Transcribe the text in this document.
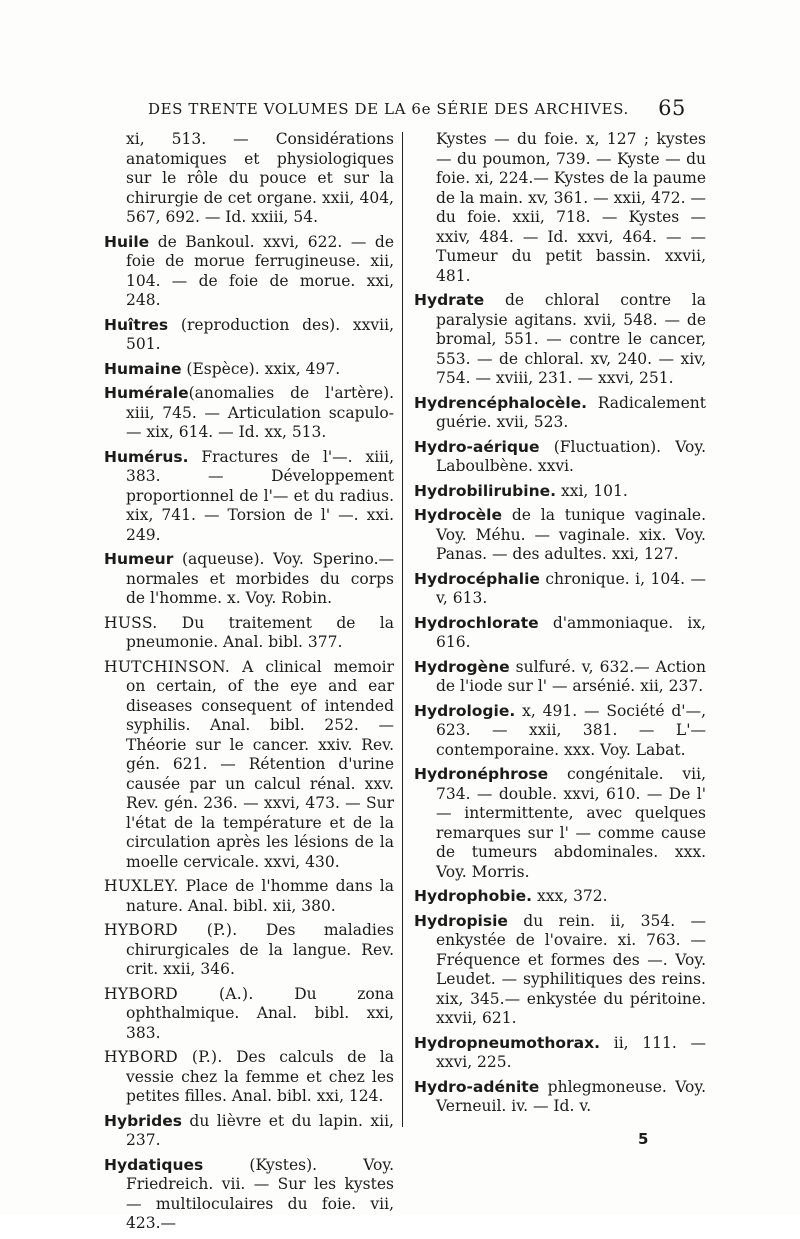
DES TRENTE VOLUMES DE LA 6e SÉRIE DES ARCHIVES. 65
xi, 513. — Considérations anatomiques et physiologiques sur le rôle du pouce et sur la chirurgie de cet organe. xxii, 404, 567, 692. — Id. xxiii, 54.
Huile de Bankoul. xxvi, 622. — de foie de morue ferrugineuse. xii, 104. — de foie de morue. xxi, 248.
Huîtres (reproduction des). xxvii, 501.
Humaine (Espèce). xxix, 497.
Humérale(anomalies de l'artère). xiii, 745. — Articulation scapulo- — xix, 614. — Id. xx, 513.
Humérus. Fractures de l'—. xiii, 383. — Développement proportionnel de l'— et du radius. xix, 741. — Torsion de l' —. xxi. 249.
Humeur (aqueuse). Voy. Sperino.— normales et morbides du corps de l'homme. x. Voy. Robin.
HUSS. Du traitement de la pneumonie. Anal. bibl. 377.
HUTCHINSON. A clinical memoir on certain, of the eye and ear diseases consequent of intended syphilis. Anal. bibl. 252. — Théorie sur le cancer. xxiv. Rev. gén. 621. — Rétention d'urine causée par un calcul rénal. xxv. Rev. gén. 236. — xxvi, 473. — Sur l'état de la température et de la circulation après les lésions de la moelle cervicale. xxvi, 430.
HUXLEY. Place de l'homme dans la nature. Anal. bibl. xii, 380.
HYBORD (P.). Des maladies chirurgicales de la langue. Rev. crit. xxii, 346.
HYBORD (A.). Du zona ophthalmique. Anal. bibl. xxi, 383.
HYBORD (P.). Des calculs de la vessie chez la femme et chez les petites filles. Anal. bibl. xxi, 124.
Hybrides du lièvre et du lapin. xii, 237.
Hydatiques (Kystes). Voy. Friedreich. vii. — Sur les kystes — multiloculaires du foie. vii, 423.—
Kystes — du foie. x, 127 ; kystes — du poumon, 739. — Kyste — du foie. xi, 224.— Kystes de la paume de la main. xv, 361. — xxii, 472. — du foie. xxii, 718. — Kystes — xxiv, 484. — Id. xxvi, 464. — — Tumeur du petit bassin. xxvii, 481.
Hydrate de chloral contre la paralysie agitans. xvii, 548. — de bromal, 551. — contre le cancer, 553. — de chloral. xv, 240. — xiv, 754. — xviii, 231. — xxvi, 251.
Hydrencéphalocèle. Radicalement guérie. xvii, 523.
Hydro-aérique (Fluctuation). Voy. Laboulbène. xxvi.
Hydrobilirubine. xxi, 101.
Hydrocèle de la tunique vaginale. Voy. Méhu. — vaginale. xix. Voy. Panas. — des adultes. xxi, 127.
Hydrocéphalie chronique. i, 104. — v, 613.
Hydrochlorate d'ammoniaque. ix, 616.
Hydrogène sulfuré. v, 632.— Action de l'iode sur l' — arsénié. xii, 237.
Hydrologie. x, 491. — Société d'—, 623. — xxii, 381. — L'— contemporaine. xxx. Voy. Labat.
Hydronéphrose congénitale. vii, 734. — double. xxvi, 610. — De l' — intermittente, avec quelques remarques sur l' — comme cause de tumeurs abdominales. xxx. Voy. Morris.
Hydrophobie. xxx, 372.
Hydropisie du rein. ii, 354. — enkystée de l'ovaire. xi. 763. — Fréquence et formes des —. Voy. Leudet. — syphilitiques des reins. xix, 345.— enkystée du péritoine. xxvii, 621.
Hydropneumothorax. ii, 111. — xxvi, 225.
Hydro-adénite phlegmoneuse. Voy. Verneuil. iv. — Id. v.
5
